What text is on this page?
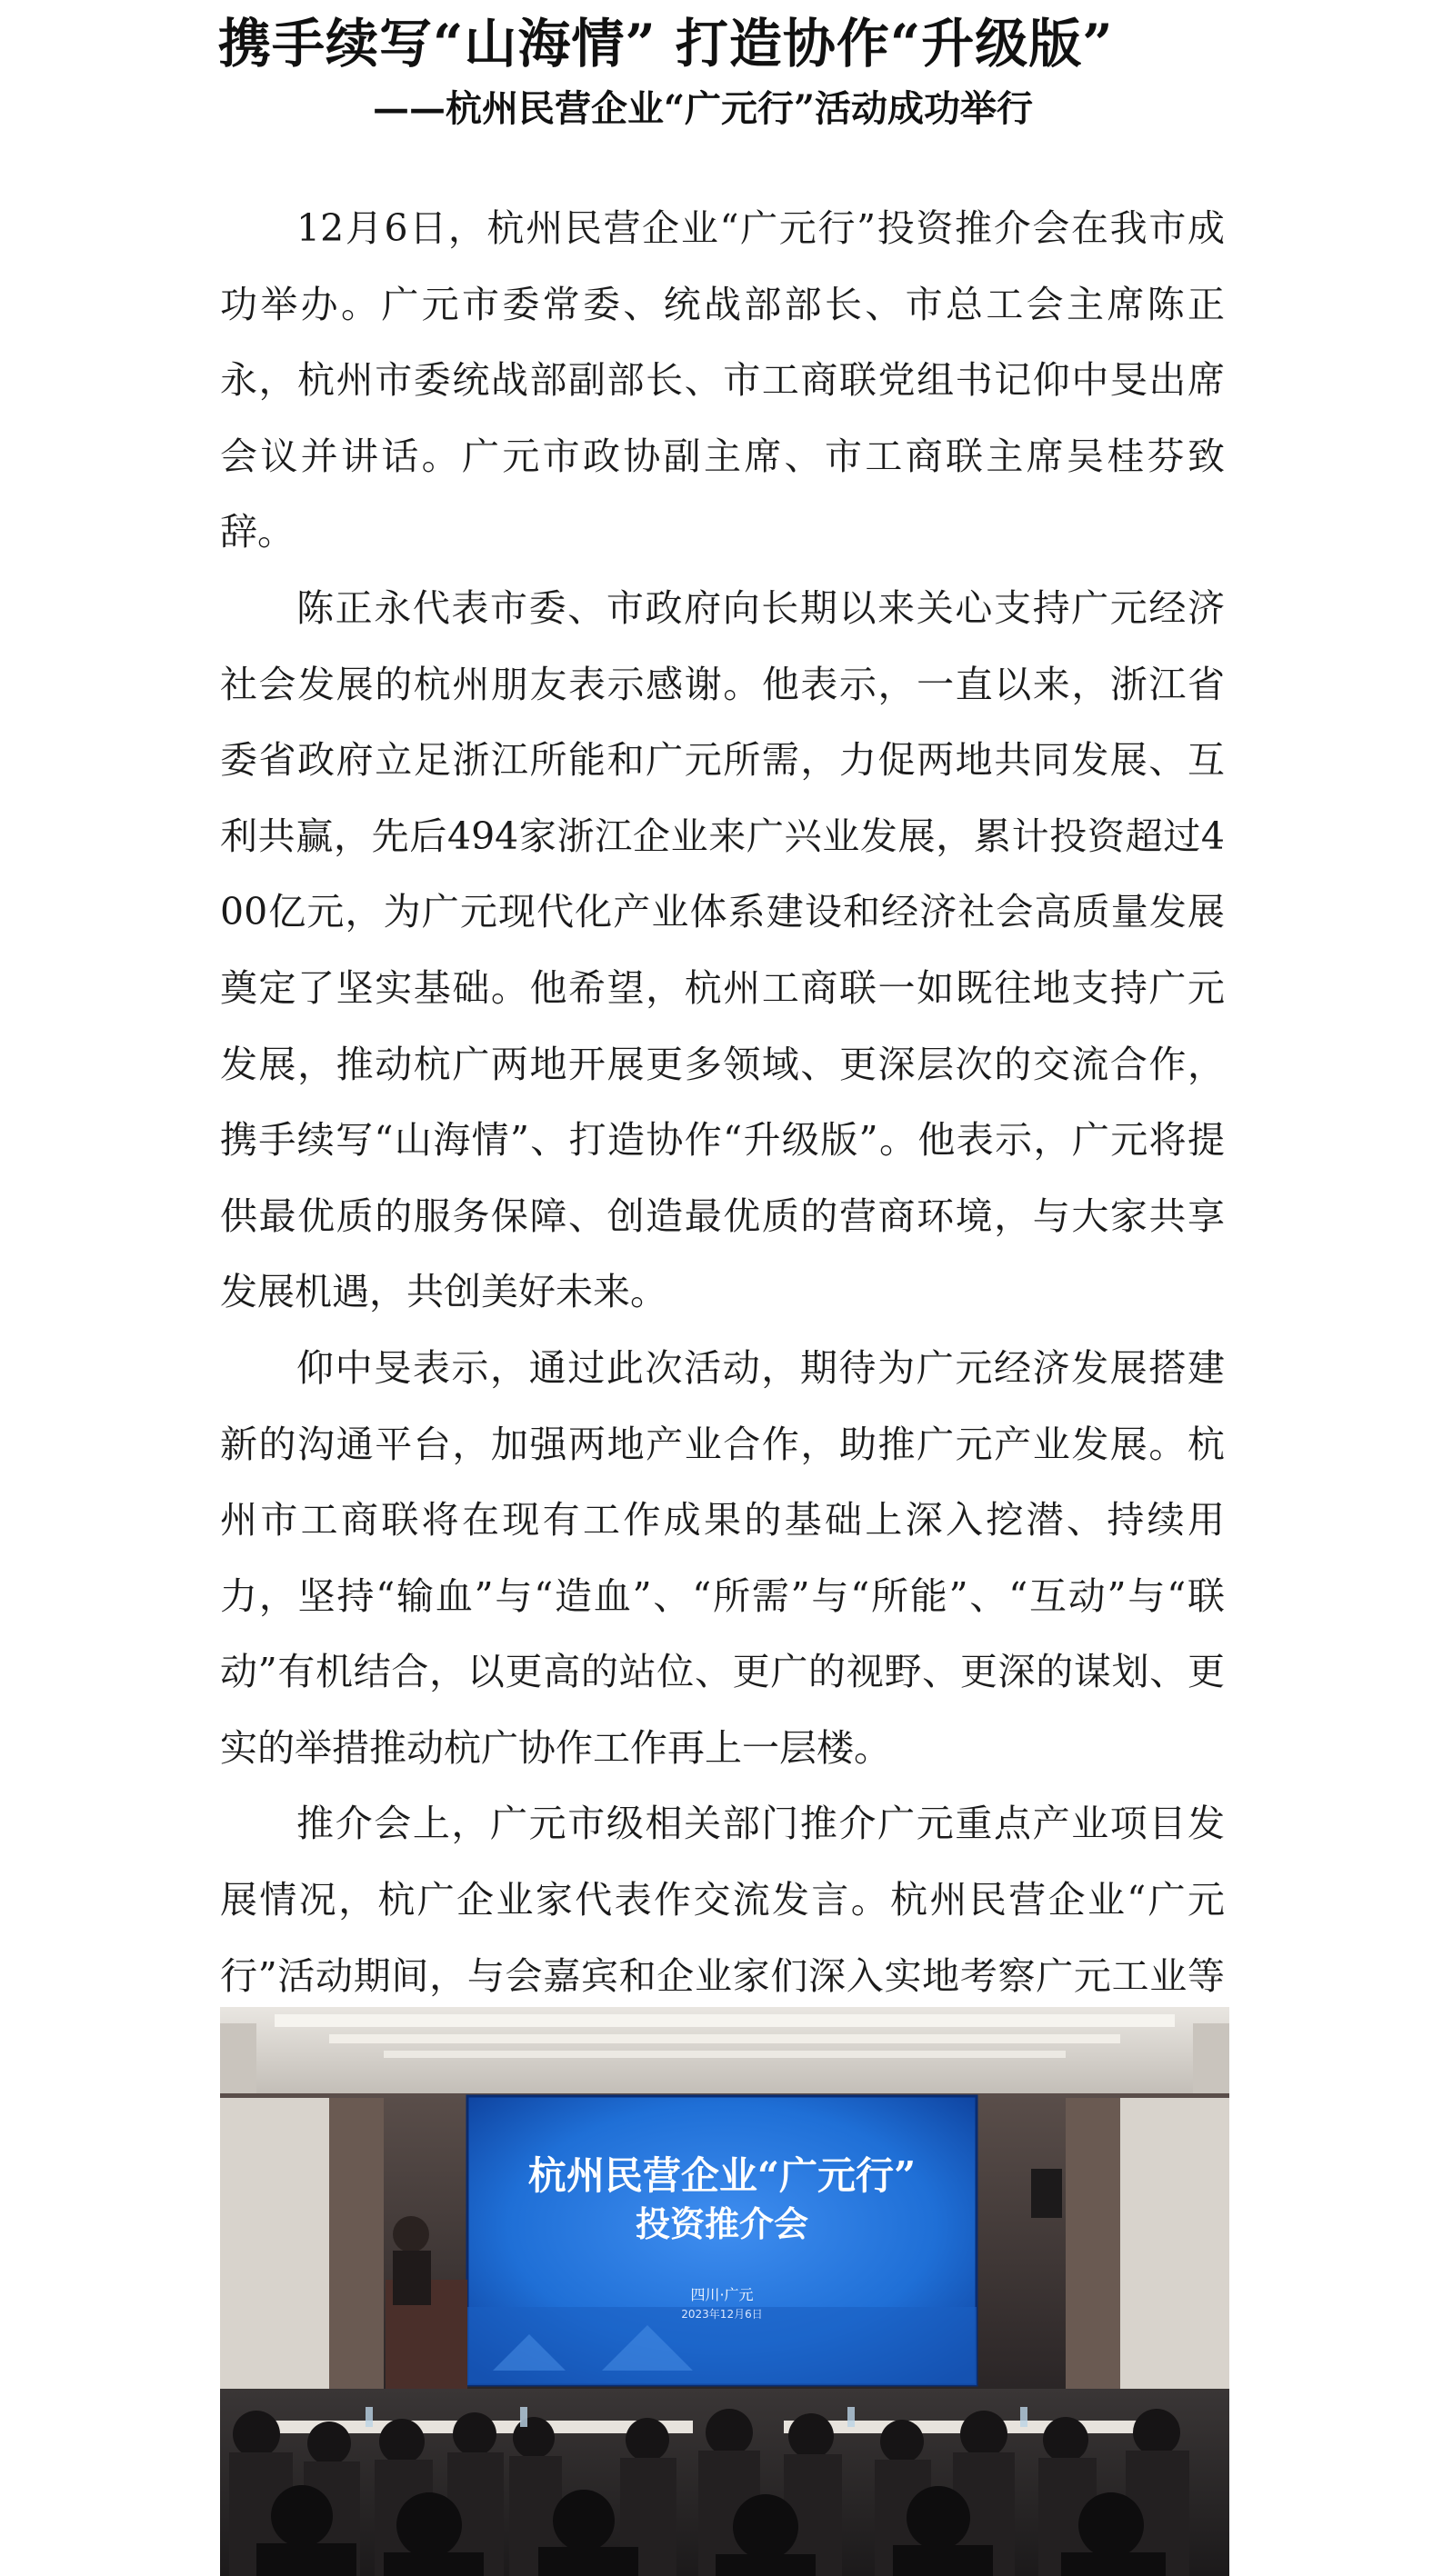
携手续写“山海情” 打造协作“升级版”
——杭州民营企业“广元行”活动成功举行

12月6日，杭州民营企业“广元行”投资推介会在我市成功举办。广元市委常委、统战部部长、市总工会主席陈正永，杭州市委统战部副部长、市工商联党组书记仰中旻出席会议并讲话。广元市政协副主席、市工商联主席吴桂芬致辞。

陈正永代表市委、市政府向长期以来关心支持广元经济社会发展的杭州朋友表示感谢。他表示，一直以来，浙江省委省政府立足浙江所能和广元所需，力促两地共同发展、互利共赢，先后494家浙江企业来广兴业发展，累计投资超过400亿元，为广元现代化产业体系建设和经济社会高质量发展奠定了坚实基础。他希望，杭州工商联一如既往地支持广元发展，推动杭广两地开展更多领域、更深层次的交流合作，携手续写“山海情”、打造协作“升级版”。他表示，广元将提供最优质的服务保障、创造最优质的营商环境，与大家共享发展机遇，共创美好未来。

仰中旻表示，通过此次活动，期待为广元经济发展搭建新的沟通平台，加强两地产业合作，助推广元产业发展。杭州市工商联将在现有工作成果的基础上深入挖潜、持续用力，坚持“输血”与“造血”、“所需”与“所能”、“互动”与“联动”有机结合，以更高的站位、更广的视野、更深的谋划、更实的举措推动杭广协作工作再上一层楼。

推介会上，广元市级相关部门推介广元重点产业项目发展情况，杭广企业家代表作交流发言。杭州民营企业“广元行”活动期间，与会嘉宾和企业家们深入实地考察广元工业等

杭州民营企业“广元行”
投资推介会
四川·广元
2023年12月6日
